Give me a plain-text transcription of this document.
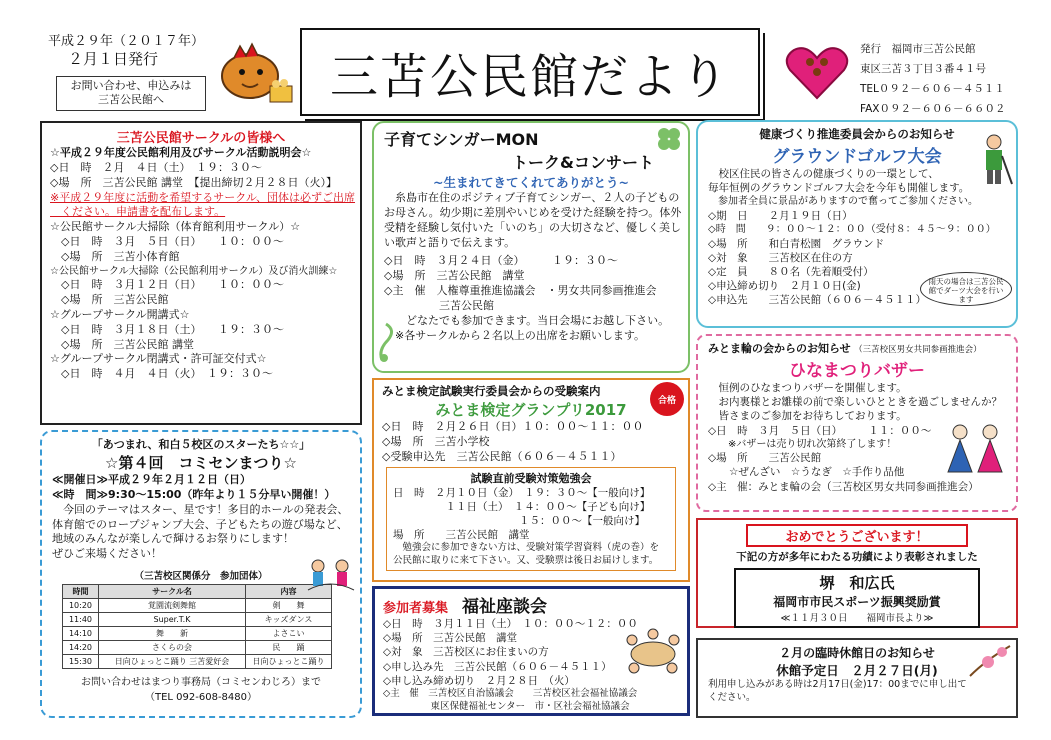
平成２９年（２０１７年）
２月１日発行
お問い合わせ、申込みは
三苫公民館へ	三苫公民館だより	発行　福岡市三苫公民館
東区三苫３丁目３番４１号
TEL０９２－６０６－４５１１
FAX０９２－６０６－６６０２
三苫公民館サークルの皆様へ
☆平成２９年度公民館利用及びサークル活動説明会☆
◇日　時　２月　４日（土）　１９：３０～
◇場　所　三苫公民館 講堂　【提出締切２月２８日（火）】
※平成２９年度に活動を希望するサークル、団体は必ずご出席
　ください。申請書を配布します。
☆公民館サークル大掃除（体育館利用サークル）☆
　◇日　時　３月　５日（日）　　１０：００～
　◇場　所　三苫小体育館
☆公民館サークル大掃除（公民館利用サークル）及び消火訓練☆
　◇日　時　３月１２日（日）　　１０：００～
　◇場　所　三苫公民館
☆グループサークル開講式☆
　◇日　時　３月１８日（土）　　１９：３０～
　◇場　所　三苫公民館 講堂
☆グループサークル閉講式・許可証交付式☆
　◇日　時　４月　４日（火）　１９：３０～
「あつまれ、和白５校区のスターたち☆☆」
☆第４回　コミセンまつり☆
≪開催日≫平成２９年２月１２日（日）
≪時　間≫9:30～15:00（昨年より１５分早い開催！）
　今回のテーマはスター、星です！多目的ホールの発表会、
体育館でのロープジャンプ大会、子どもたちの遊び場など、
地域のみんなが楽しんで輝けるお祭りにします！
ぜひご来場ください！
（三苫校区関係分　参加団体）
時間	サークル名	内容
10:20	覚園流剣舞館	剣　　舞
11:40	Super.T.K	キッズダンス
14:10	舞　　新	よさこい
14:20	さくらの会	民　　踊
15:30	日向ひょっとこ踊り 三苫愛好会	日向ひょっとこ踊り
お問い合わせはまつり事務局（コミセンわじろ）まで
（TEL 092-608-8480）
子育てシンガーMON
トーク&コンサート
~生まれてきてくれてありがとう~
　糸島市在住のポジティブ子育てシンガー、２人の子どもの
お母さん。幼少期に差別やいじめを受けた経験を持つ。体外
受精を経験し気付いた「いのち」の大切さなど、優しく美し
い歌声と語りで伝えます。
◇日　時　３月２４日（金）　　　１９：３０～
◇場　所　三苫公民館　講堂
◇主　催　人権尊重推進協議会　・男女共同参画推進会
　　　　　三苫公民館
　　どなたでも参加できます。当日会場にお越し下さい。
　※各サークルから２名以上の出席をお願いします。
みとま検定試験実行委員会からの受験案内
みとま検定グランプリ2017
◇日　時　２月２６日（日）１０：００～１１：００
◇場　所　三苫小学校
◇受験申込先　三苫公民館（６０６－４５１１）
試験直前受験対策勉強会
日　時　２月１０日（金）　１９：３０～【一般向け】
　　　　　１１日（土）　１４：００～【子ども向け】
　　　　　　　　　　　　１５：００～【一般向け】
場　所　　三苫公民館　講堂
　勉強会に参加できない方は、受験対策学習資料（虎の巻）を
公民館に取りに来て下さい。又、受験票は後日お届けします。
合格
参加者募集 福祉座談会
◇日　時　３月１１日（土）　１０：００～１２：００
◇場　所　三苫公民館　講堂
◇対　象　三苫校区にお住まいの方
◇申し込み先　三苫公民館（６０６－４５１１）
◇申し込み締め切り　２月２８日　（火）
◇主　催　三苫校区自治協議会　　三苫校区社会福祉協議会
　　　　　東区保健福祉センター　市・区社会福祉協議会
健康づくり推進委員会からのお知らせ
グラウンドゴルフ大会
　校区住民の皆さんの健康づくりの一環として、
毎年恒例のグラウンドゴルフ大会を今年も開催します。
　参加者全員に景品がありますので奮ってご参加ください。
◇期　日　　２月１９日（日）
◇時　間　　９：００～１２：００（受付８：４５～９：００）
◇場　所　　和白青松園　グラウンド
◇対　象　　三苫校区在住の方
◇定　員　　８０名（先着順受付）
◇申込締め切り　２月１０日(金)
◇申込先　　三苫公民館（６０６－４５１１）
雨天の場合は三苫公民館でダーツ大会を行います
みとま輪の会からのお知らせ （三苫校区男女共同参画推進会）
ひなまつりバザー
　恒例のひなまつりバザーを開催します。
　お内裏様とお雛様の前で楽しいひとときを過ごしませんか？
　皆さまのご参加をお待ちしております。
◇日　時　３月　５日（日）　　　１１：００～
　　※バザーは売り切れ次第終了します！
◇場　所　　三苫公民館
　　☆ぜんざい　☆うなぎ　☆手作り品他
◇主　催：みとま輪の会（三苫校区男女共同参画推進会）
おめでとうございます！
下記の方が多年にわたる功績により表彰されました
堺　和広氏
福岡市市民スポーツ振興奨励賞
≪１１月３０日　　福岡市長より≫
２月の臨時休館日のお知らせ
休館予定日　２月２７日(月)
利用申し込みがある時は2月17日(金)17：00までに申し出て
ください。
